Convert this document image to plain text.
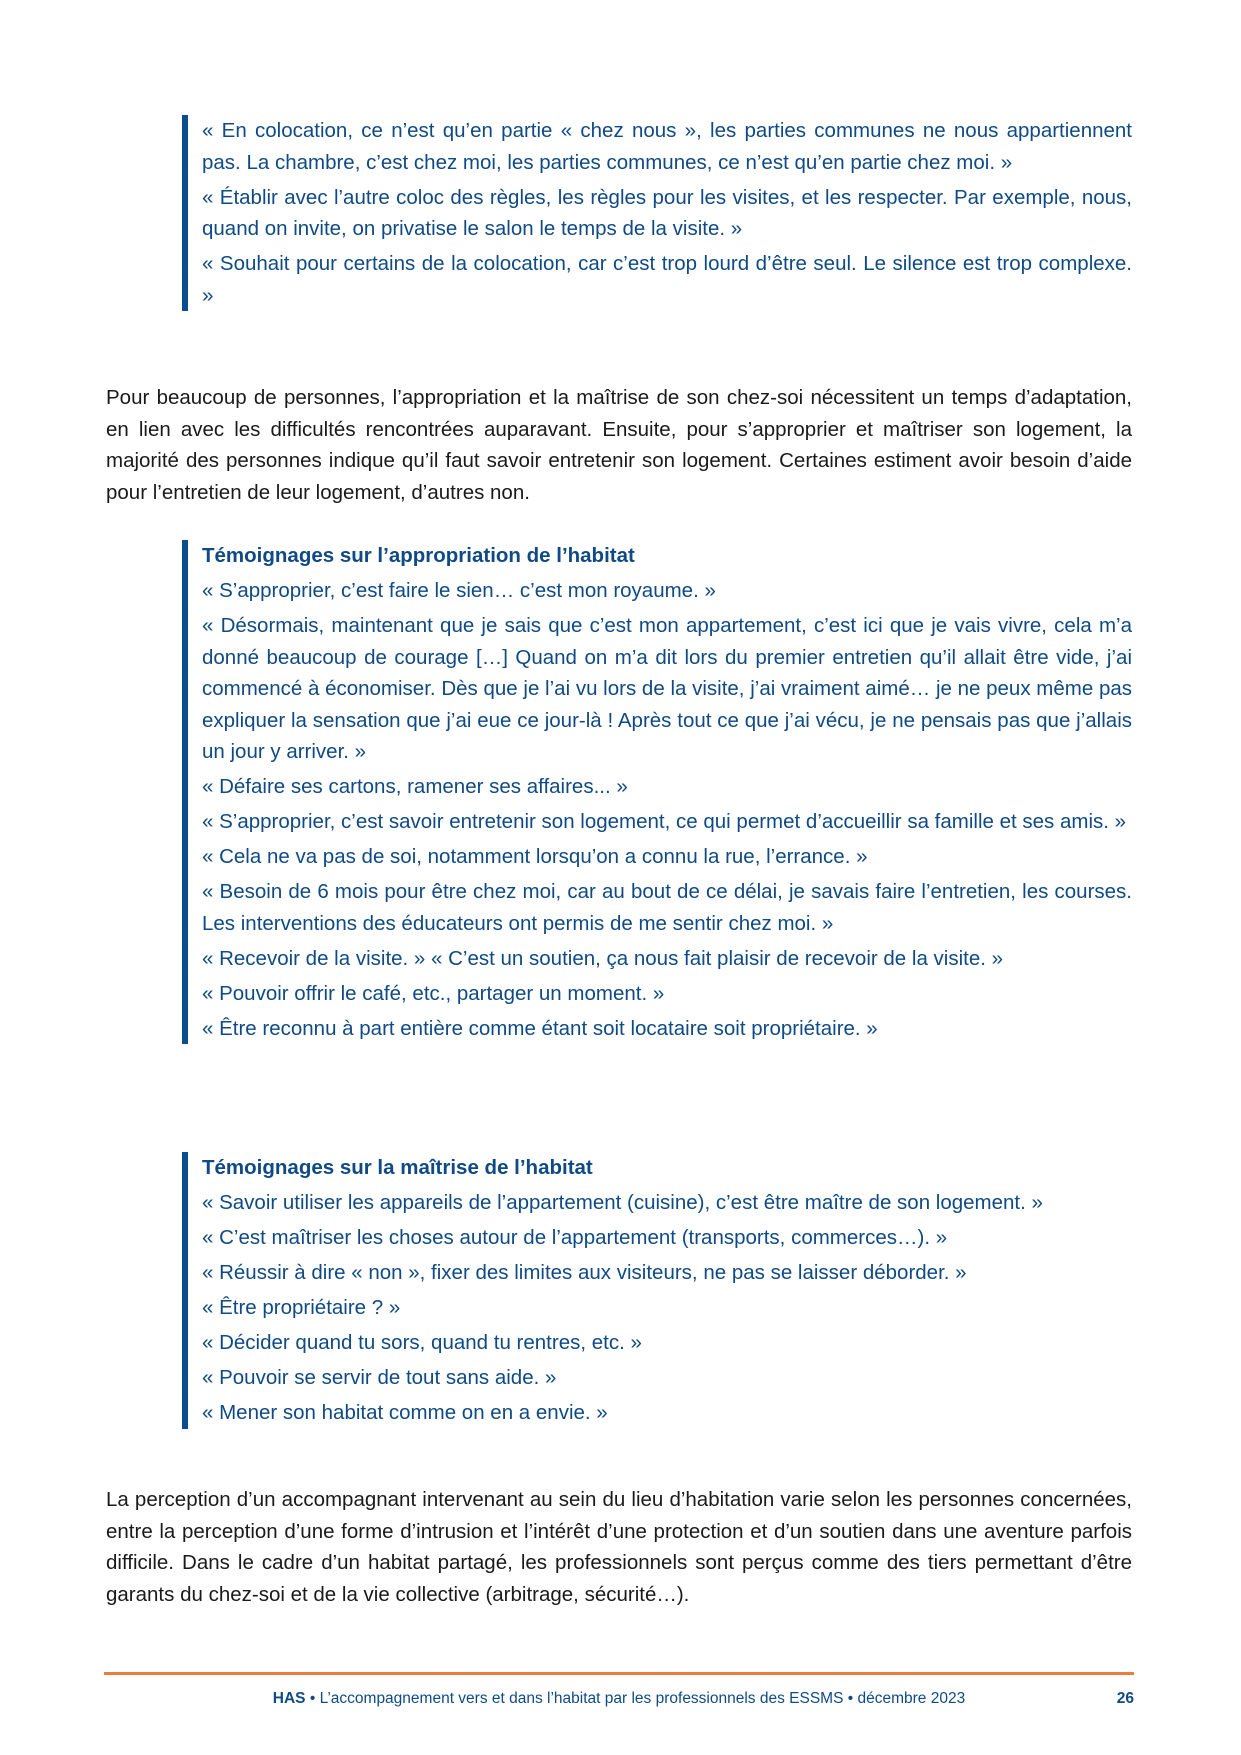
« En colocation, ce n’est qu’en partie « chez nous », les parties communes ne nous appartiennent pas. La chambre, c’est chez moi, les parties communes, ce n’est qu’en partie chez moi. »

« Établir avec l’autre coloc des règles, les règles pour les visites, et les respecter. Par exemple, nous, quand on invite, on privatise le salon le temps de la visite. »

« Souhait pour certains de la colocation, car c’est trop lourd d’être seul. Le silence est trop complexe. »

Pour beaucoup de personnes, l’appropriation et la maîtrise de son chez-soi nécessitent un temps d’adaptation, en lien avec les difficultés rencontrées auparavant. Ensuite, pour s’approprier et maîtriser son logement, la majorité des personnes indique qu’il faut savoir entretenir son logement. Certaines estiment avoir besoin d’aide pour l’entretien de leur logement, d’autres non.

Témoignages sur l’appropriation de l’habitat

« S’approprier, c’est faire le sien… c’est mon royaume. »

« Désormais, maintenant que je sais que c’est mon appartement, c’est ici que je vais vivre, cela m’a donné beaucoup de courage […] Quand on m’a dit lors du premier entretien qu’il allait être vide, j’ai commencé à économiser. Dès que je l’ai vu lors de la visite, j’ai vraiment aimé… je ne peux même pas expliquer la sensation que j’ai eue ce jour-là ! Après tout ce que j’ai vécu, je ne pensais pas que j’allais un jour y arriver. »

« Défaire ses cartons, ramener ses affaires... »

« S’approprier, c’est savoir entretenir son logement, ce qui permet d’accueillir sa famille et ses amis. »

« Cela ne va pas de soi, notamment lorsqu’on a connu la rue, l’errance. »

« Besoin de 6 mois pour être chez moi, car au bout de ce délai, je savais faire l’entretien, les courses. Les interventions des éducateurs ont permis de me sentir chez moi. »

« Recevoir de la visite. » « C’est un soutien, ça nous fait plaisir de recevoir de la visite. »

« Pouvoir offrir le café, etc., partager un moment. »

« Être reconnu à part entière comme étant soit locataire soit propriétaire. »

Témoignages sur la maîtrise de l’habitat

« Savoir utiliser les appareils de l’appartement (cuisine), c’est être maître de son logement. »

« C’est maîtriser les choses autour de l’appartement (transports, commerces…). »

« Réussir à dire « non », fixer des limites aux visiteurs, ne pas se laisser déborder. »

« Être propriétaire ? »

« Décider quand tu sors, quand tu rentres, etc. »

« Pouvoir se servir de tout sans aide. »

« Mener son habitat comme on en a envie. »

La perception d’un accompagnant intervenant au sein du lieu d’habitation varie selon les personnes concernées, entre la perception d’une forme d’intrusion et l’intérêt d’une protection et d’un soutien dans une aventure parfois difficile. Dans le cadre d’un habitat partagé, les professionnels sont perçus comme des tiers permettant d’être garants du chez-soi et de la vie collective (arbitrage, sécurité…).

HAS • L’accompagnement vers et dans l’habitat par les professionnels des ESSMS • décembre 2023	26
